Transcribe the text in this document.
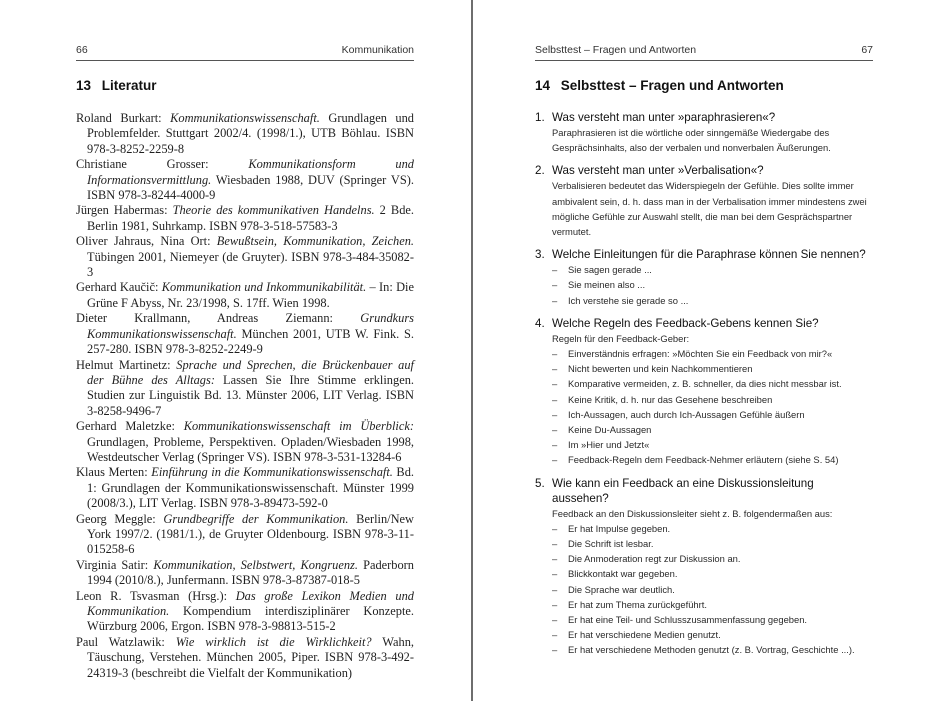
66	Kommunikation
13 Literatur

Roland Burkart: Kommunikationswissenschaft. Grundlagen und Problemfelder. Stuttgart 2002/4. (1998/1.), UTB Böhlau. ISBN 978-3-8252-2259-8

Christiane Grosser: Kommunikationsform und Informationsvermittlung. Wiesbaden 1988, DUV (Springer VS). ISBN 978-3-8244-4000-9

Jürgen Habermas: Theorie des kommunikativen Handelns. 2 Bde. Berlin 1981, Suhrkamp. ISBN 978-3-518-57583-3

Oliver Jahraus, Nina Ort: Bewußtsein, Kommunikation, Zeichen. Tübingen 2001, Niemeyer (de Gruyter). ISBN 978-3-484-35082-3

Gerhard Kaučič: Kommunikation und Inkommunikabilität. – In: Die Grüne F Abyss, Nr. 23/1998, S. 17ff. Wien 1998.

Dieter Krallmann, Andreas Ziemann: Grundkurs Kommunikationswissenschaft. München 2001, UTB W. Fink. S. 257-280. ISBN 978-3-8252-2249-9

Helmut Martinetz: Sprache und Sprechen, die Brückenbauer auf der Bühne des Alltags: Lassen Sie Ihre Stimme erklingen. Studien zur Linguistik Bd. 13. Münster 2006, LIT Verlag. ISBN 3-8258-9496-7

Gerhard Maletzke: Kommunikationswissenschaft im Überblick: Grundlagen, Probleme, Perspektiven. Opladen/Wiesbaden 1998, Westdeutscher Verlag (Springer VS). ISBN 978-3-531-13284-6

Klaus Merten: Einführung in die Kommunikationswissenschaft. Bd. 1: Grundlagen der Kommunikationswissenschaft. Münster 1999 (2008/3.), LIT Verlag. ISBN 978-3-89473-592-0

Georg Meggle: Grundbegriffe der Kommunikation. Berlin/New York 1997/2. (1981/1.), de Gruyter Oldenbourg. ISBN 978-3-11-015258-6

Virginia Satir: Kommunikation, Selbstwert, Kongruenz. Paderborn 1994 (2010/8.), Junfermann. ISBN 978-3-87387-018-5

Leon R. Tsvasman (Hrsg.): Das große Lexikon Medien und Kommunikation. Kompendium interdisziplinärer Konzepte. Würzburg 2006, Ergon. ISBN 978-3-98813-515-2

Paul Watzlawik: Wie wirklich ist die Wirklichkeit? Wahn, Täuschung, Verstehen. München 2005, Piper. ISBN 978-3-492-24319-3 (beschreibt die Vielfalt der Kommunikation)

Selbsttest – Fragen und Antworten	67
14 Selbsttest – Fragen und Antworten

1. Was versteht man unter »paraphrasieren«?

Paraphrasieren ist die wörtliche oder sinngemäße Wiedergabe des Gesprächsinhalts, also der verbalen und nonverbalen Äußerungen.

2. Was versteht man unter »Verbalisation«?

Verbalisieren bedeutet das Widerspiegeln der Gefühle. Dies sollte immer ambivalent sein, d. h. dass man in der Verbalisation immer mindestens zwei mögliche Gefühle zur Auswahl stellt, die man bei dem Gesprächspartner vermutet.

3. Welche Einleitungen für die Paraphrase können Sie nennen?

– Sie sagen gerade ...
– Sie meinen also ...
– Ich verstehe sie gerade so ...

4. Welche Regeln des Feedback-Gebens kennen Sie?

Regeln für den Feedback-Geber:

– Einverständnis erfragen: »Möchten Sie ein Feedback von mir?«
– Nicht bewerten und kein Nachkommentieren
– Komparative vermeiden, z. B. schneller, da dies nicht messbar ist.
– Keine Kritik, d. h. nur das Gesehene beschreiben
– Ich-Aussagen, auch durch Ich-Aussagen Gefühle äußern
– Keine Du-Aussagen
– Im »Hier und Jetzt«
– Feedback-Regeln dem Feedback-Nehmer erläutern (siehe S. 54)

5. Wie kann ein Feedback an eine Diskussionsleitung aussehen?

Feedback an den Diskussionsleiter sieht z. B. folgendermaßen aus:

– Er hat Impulse gegeben.
– Die Schrift ist lesbar.
– Die Anmoderation regt zur Diskussion an.
– Blickkontakt war gegeben.
– Die Sprache war deutlich.
– Er hat zum Thema zurückgeführt.
– Er hat eine Teil- und Schlusszusammenfassung gegeben.
– Er hat verschiedene Medien genutzt.
– Er hat verschiedene Methoden genutzt (z. B. Vortrag, Geschichte ...).
